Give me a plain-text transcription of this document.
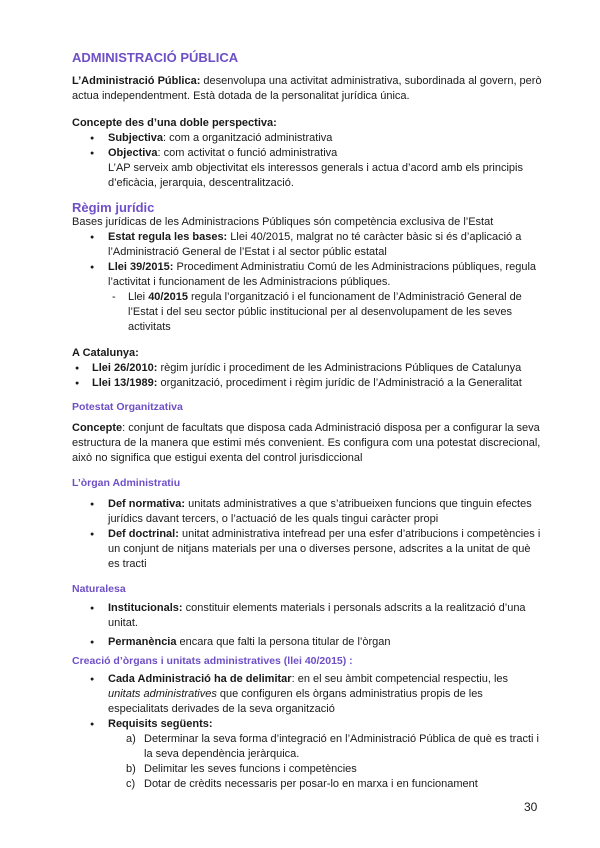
ADMINISTRACIÓ PÚBLICA

L’Administració Pública: desenvolupa una activitat administrativa, subordinada al govern, però actua independentment. Està dotada de la personalitat jurídica única.

Concepte des d’una doble perspectiva:

● Subjectiva: com a organització administrativa
● Objectiva: com activitat o funció administrativa

L’AP serveix amb objectivitat els interessos generals i actua d’acord amb els principis d’eficàcia, jerarquia, descentralització.

Règim jurídic

Bases jurídicas de les Administracions Públiques són competència exclusiva de l’Estat

● Estat regula les bases: Llei 40/2015, malgrat no té caràcter bàsic si és d’aplicació a l’Administració General de l’Estat i al sector públic estatal
● Llei 39/2015: Procediment Administratiu Comú de les Administracions públiques, regula l’activitat i funcionament de les Administracions públiques.
- Llei 40/2015 regula l’organització i el funcionament de l’Administració General de l’Estat i del seu sector públic institucional per al desenvolupament de les seves activitats

A Catalunya:

● Llei 26/2010: règim jurídic i procediment de les Administracions Públiques de Catalunya
● Llei 13/1989: organització, procediment i règim jurídic de l’Administració a la Generalitat
Potestat Organitzativa

Concepte: conjunt de facultats que disposa cada Administració disposa per a configurar la seva estructura de la manera que estimi més convenient. Es configura com una potestat discrecional, això no significa que estigui exenta del control jurisdiccional

L’òrgan Administratiu
● Def normativa: unitats administratives a que s’atribueixen funcions que tinguin efectes jurídics davant tercers, o l’actuació de les quals tingui caràcter propi
● Def doctrinal: unitat administrativa intefread per una esfer d’atribucions i competències i un conjunt de nitjans materials per una o diverses persone, adscrites a la unitat de què es tracti
Naturalesa
● Institucionals: constituir elements materials i personals adscrits a la realització d’una unitat.
● Permanència encara que falti la persona titular de l’òrgan
Creació d’òrgans i unitats administratives (llei 40/2015) :
● Cada Administració ha de delimitar: en el seu àmbit competencial respectiu, les unitats administratives que configuren els òrgans administratius propis de les especialitats derivades de la seva organització
● Requisits següents:
a) Determinar la seva forma d’integració en l’Administració Pública de què es tracti i la seva dependència jeràrquica.
b) Delimitar les seves funcions i competències
c) Dotar de crèdits necessaris per posar-lo en marxa i en funcionament
30
